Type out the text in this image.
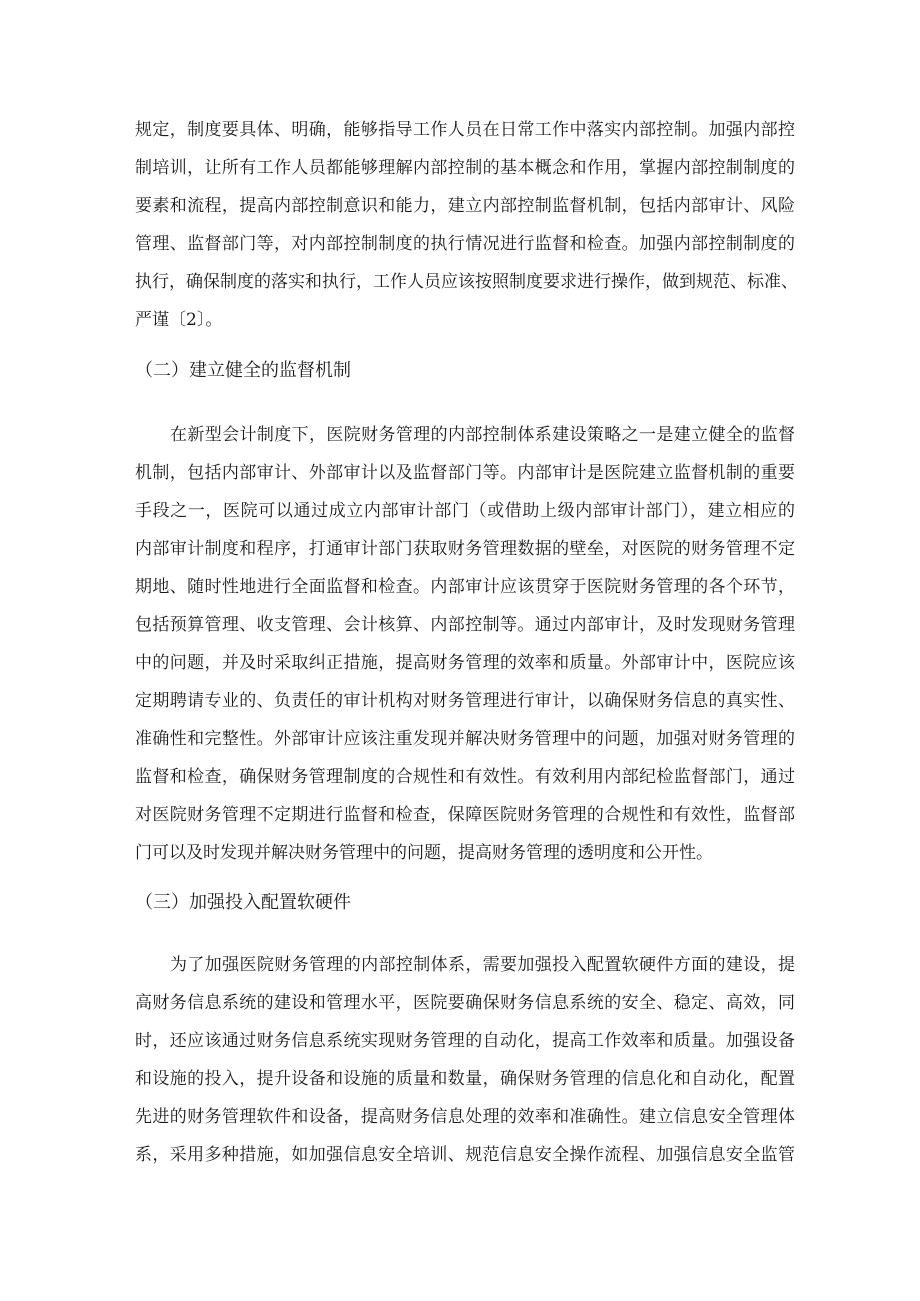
规定，制度要具体、明确，能够指导工作人员在日常工作中落实内部控制。加强内部控
制培训，让所有工作人员都能够理解内部控制的基本概念和作用，掌握内部控制制度的
要素和流程，提高内部控制意识和能力，建立内部控制监督机制，包括内部审计、风险
管理、监督部门等，对内部控制制度的执行情况进行监督和检查。加强内部控制制度的
执行，确保制度的落实和执行，工作人员应该按照制度要求进行操作，做到规范、标准、
严谨〔2〕。
（二）建立健全的监督机制
在新型会计制度下，医院财务管理的内部控制体系建设策略之一是建立健全的监督
机制，包括内部审计、外部审计以及监督部门等。内部审计是医院建立监督机制的重要
手段之一，医院可以通过成立内部审计部门（或借助上级内部审计部门），建立相应的
内部审计制度和程序，打通审计部门获取财务管理数据的壁垒，对医院的财务管理不定
期地、随时性地进行全面监督和检查。内部审计应该贯穿于医院财务管理的各个环节，
包括预算管理、收支管理、会计核算、内部控制等。通过内部审计，及时发现财务管理
中的问题，并及时采取纠正措施，提高财务管理的效率和质量。外部审计中，医院应该
定期聘请专业的、负责任的审计机构对财务管理进行审计，以确保财务信息的真实性、
准确性和完整性。外部审计应该注重发现并解决财务管理中的问题，加强对财务管理的
监督和检查，确保财务管理制度的合规性和有效性。有效利用内部纪检监督部门，通过
对医院财务管理不定期进行监督和检查，保障医院财务管理的合规性和有效性，监督部
门可以及时发现并解决财务管理中的问题，提高财务管理的透明度和公开性。
（三）加强投入配置软硬件
为了加强医院财务管理的内部控制体系，需要加强投入配置软硬件方面的建设，提
高财务信息系统的建设和管理水平，医院要确保财务信息系统的安全、稳定、高效，同
时，还应该通过财务信息系统实现财务管理的自动化，提高工作效率和质量。加强设备
和设施的投入，提升设备和设施的质量和数量，确保财务管理的信息化和自动化，配置
先进的财务管理软件和设备，提高财务信息处理的效率和准确性。建立信息安全管理体
系，采用多种措施，如加强信息安全培训、规范信息安全操作流程、加强信息安全监管
